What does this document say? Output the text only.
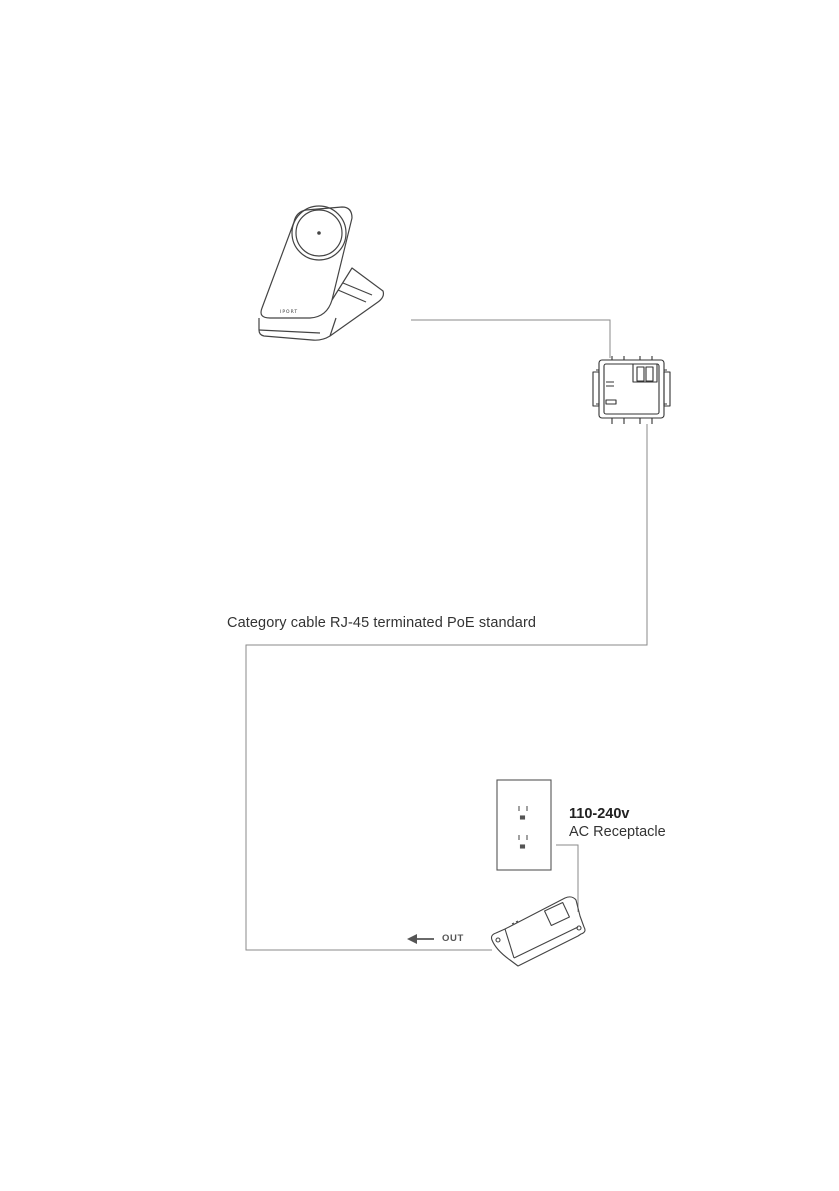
IPORT
Category cable RJ-45 terminated PoE standard
110-240v
AC Receptacle
OUT
